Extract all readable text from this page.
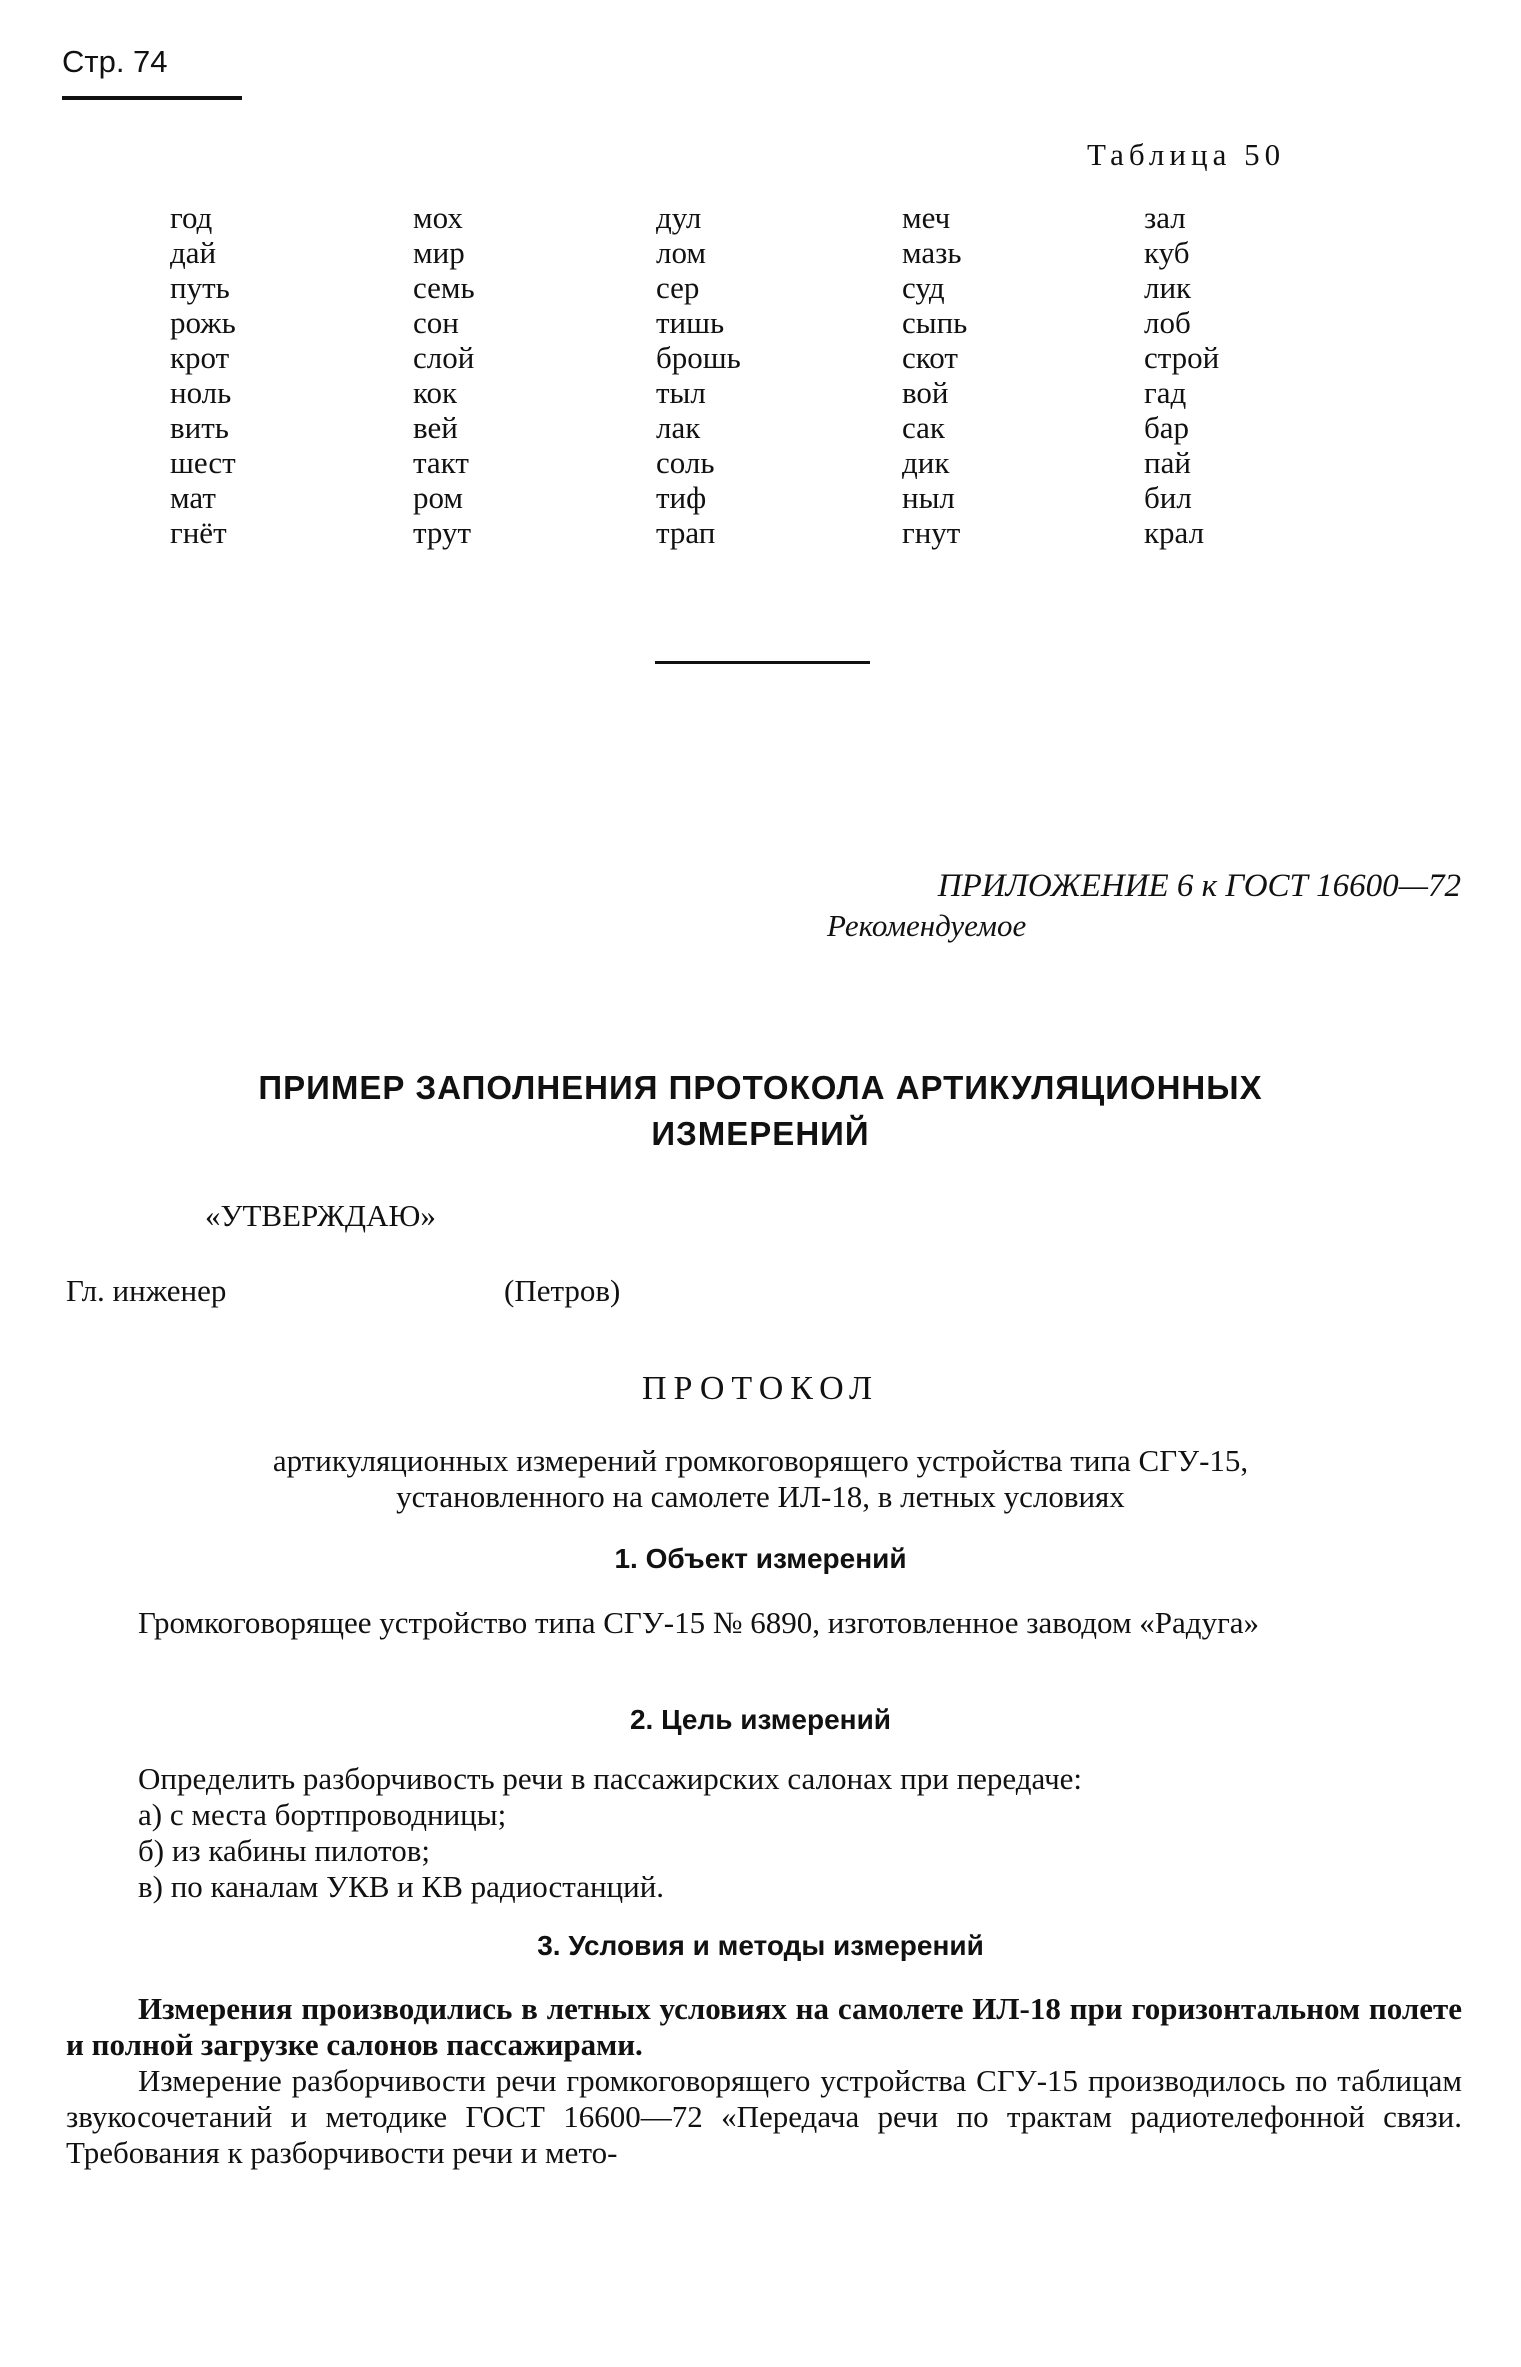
Стр. 74
Таблица 50
год
дай
путь
рожь
крот
ноль
вить
шест
мат
гнёт
мох
мир
семь
сон
слой
кок
вей
такт
ром
трут
дул
лом
сер
тишь
брошь
тыл
лак
соль
тиф
трап
меч
мазь
суд
сыпь
скот
вой
сак
дик
ныл
гнут
зал
куб
лик
лоб
строй
гад
бар
пай
бил
крал
ПРИЛОЖЕНИЕ 6 к ГОСТ 16600—72
Рекомендуемое
ПРИМЕР ЗАПОЛНЕНИЯ ПРОТОКОЛА АРТИКУЛЯЦИОННЫХ
ИЗМЕРЕНИЙ
«УТВЕРЖДАЮ»
Гл. инженер	(Петров)
ПРОТОКОЛ
артикуляционных измерений громкоговорящего устройства типа СГУ-15,
установленного на самолете ИЛ-18, в летных условиях
1. Объект измерений
Громкоговорящее устройство типа СГУ-15 № 6890, изготовленное заводом «Радуга»
2. Цель измерений
Определить разборчивость речи в пассажирских салонах при передаче:
а) с места бортпроводницы;
б) из кабины пилотов;
в) по каналам УКВ и КВ радиостанций.
3. Условия и методы измерений
Измерения производились в летных условиях на самолете ИЛ-18 при горизонтальном полете и полной загрузке салонов пассажирами.
Измерение разборчивости речи громкоговорящего устройства СГУ-15 производилось по таблицам звукосочетаний и методике ГОСТ 16600—72 «Передача речи по трактам радиотелефонной связи. Требования к разборчивости речи и мето-
